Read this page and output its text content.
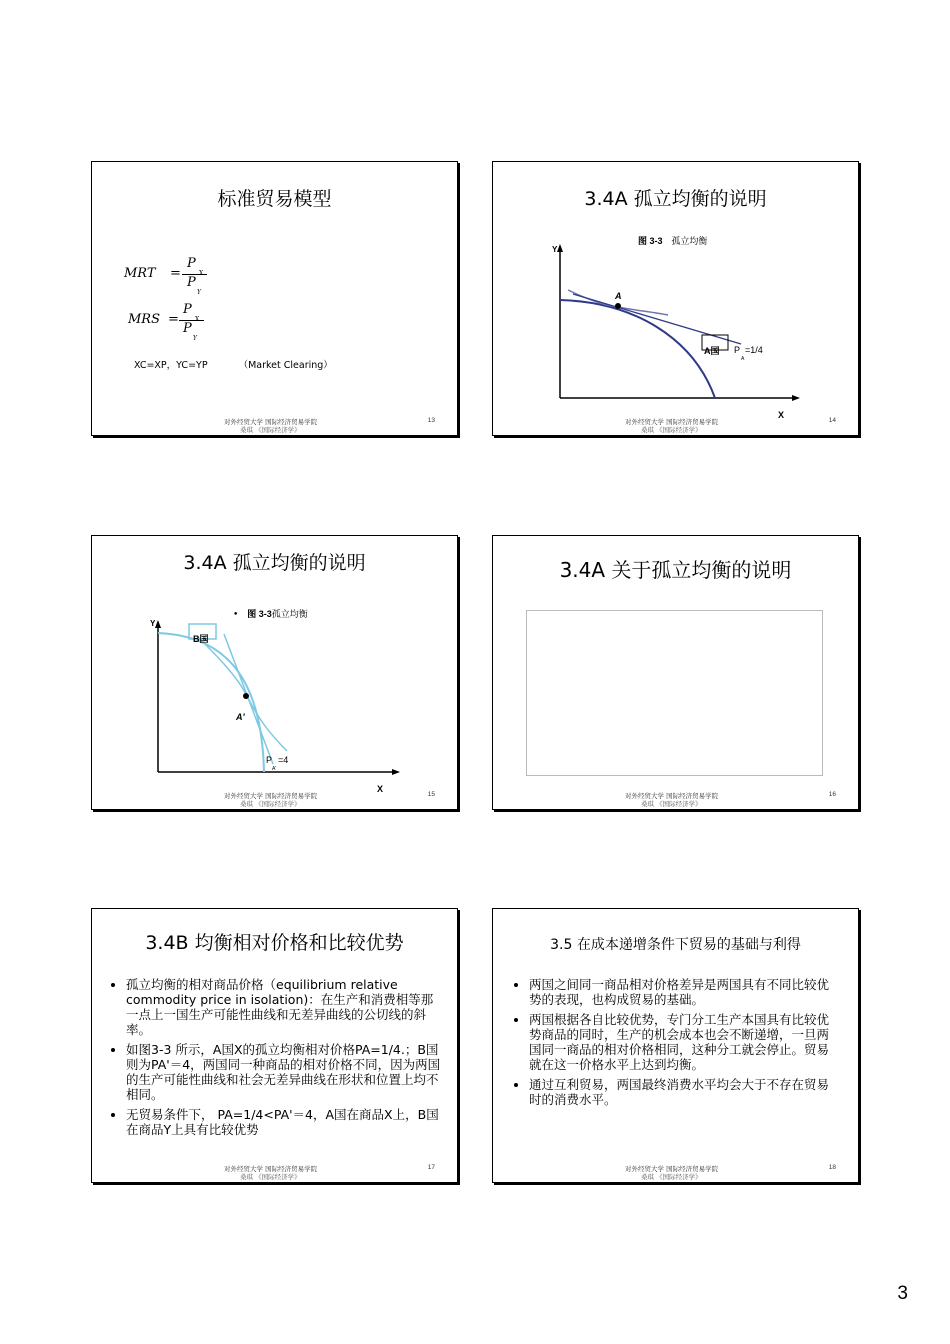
标准贸易模型
MRT =
P
X
P
Y
MRS =
P
X
P
Y
XC=XP，YC=YP	（Market Clearing）
对外经贸大学 国际经济贸易学院
桑琪 《国际经济学》
13
3.4A 孤立均衡的说明
图 3-3 孤立均衡
Y
X
A
A国 P
A
=1/4
对外经贸大学 国际经济贸易学院
桑琪 《国际经济学》
14
3.4A 孤立均衡的说明
• 图 3-3孤立均衡
Y
X
B国
A'
P
A'
=4
对外经贸大学 国际经济贸易学院
桑琪 《国际经济学》
15
3.4A 关于孤立均衡的说明
对外经贸大学 国际经济贸易学院
桑琪 《国际经济学》
16
3.4B 均衡相对价格和比较优势
• 孤立均衡的相对商品价格（equilibrium relative commodity price in isolation)：在生产和消费相等那一点上一国生产可能性曲线和无差异曲线的公切线的斜率。
• 如图3-3 所示，A国X的孤立均衡相对价格PA=1/4.；B国则为PA'＝4，两国同一种商品的相对价格不同，因为两国的生产可能性曲线和社会无差异曲线在形状和位置上均不相同。
• 无贸易条件下， PA=1/4<PA'＝4，A国在商品X上，B国在商品Y上具有比较优势
对外经贸大学 国际经济贸易学院
桑琪 《国际经济学》
17
3.5 在成本递增条件下贸易的基础与利得
• 两国之间同一商品相对价格差异是两国具有不同比较优势的表现，也构成贸易的基础。
• 两国根据各自比较优势，专门分工生产本国具有比较优势商品的同时，生产的机会成本也会不断递增，一旦两国同一商品的相对价格相同，这种分工就会停止。贸易就在这一价格水平上达到均衡。
• 通过互利贸易，两国最终消费水平均会大于不存在贸易时的消费水平。
对外经贸大学 国际经济贸易学院
桑琪 《国际经济学》
18
3
